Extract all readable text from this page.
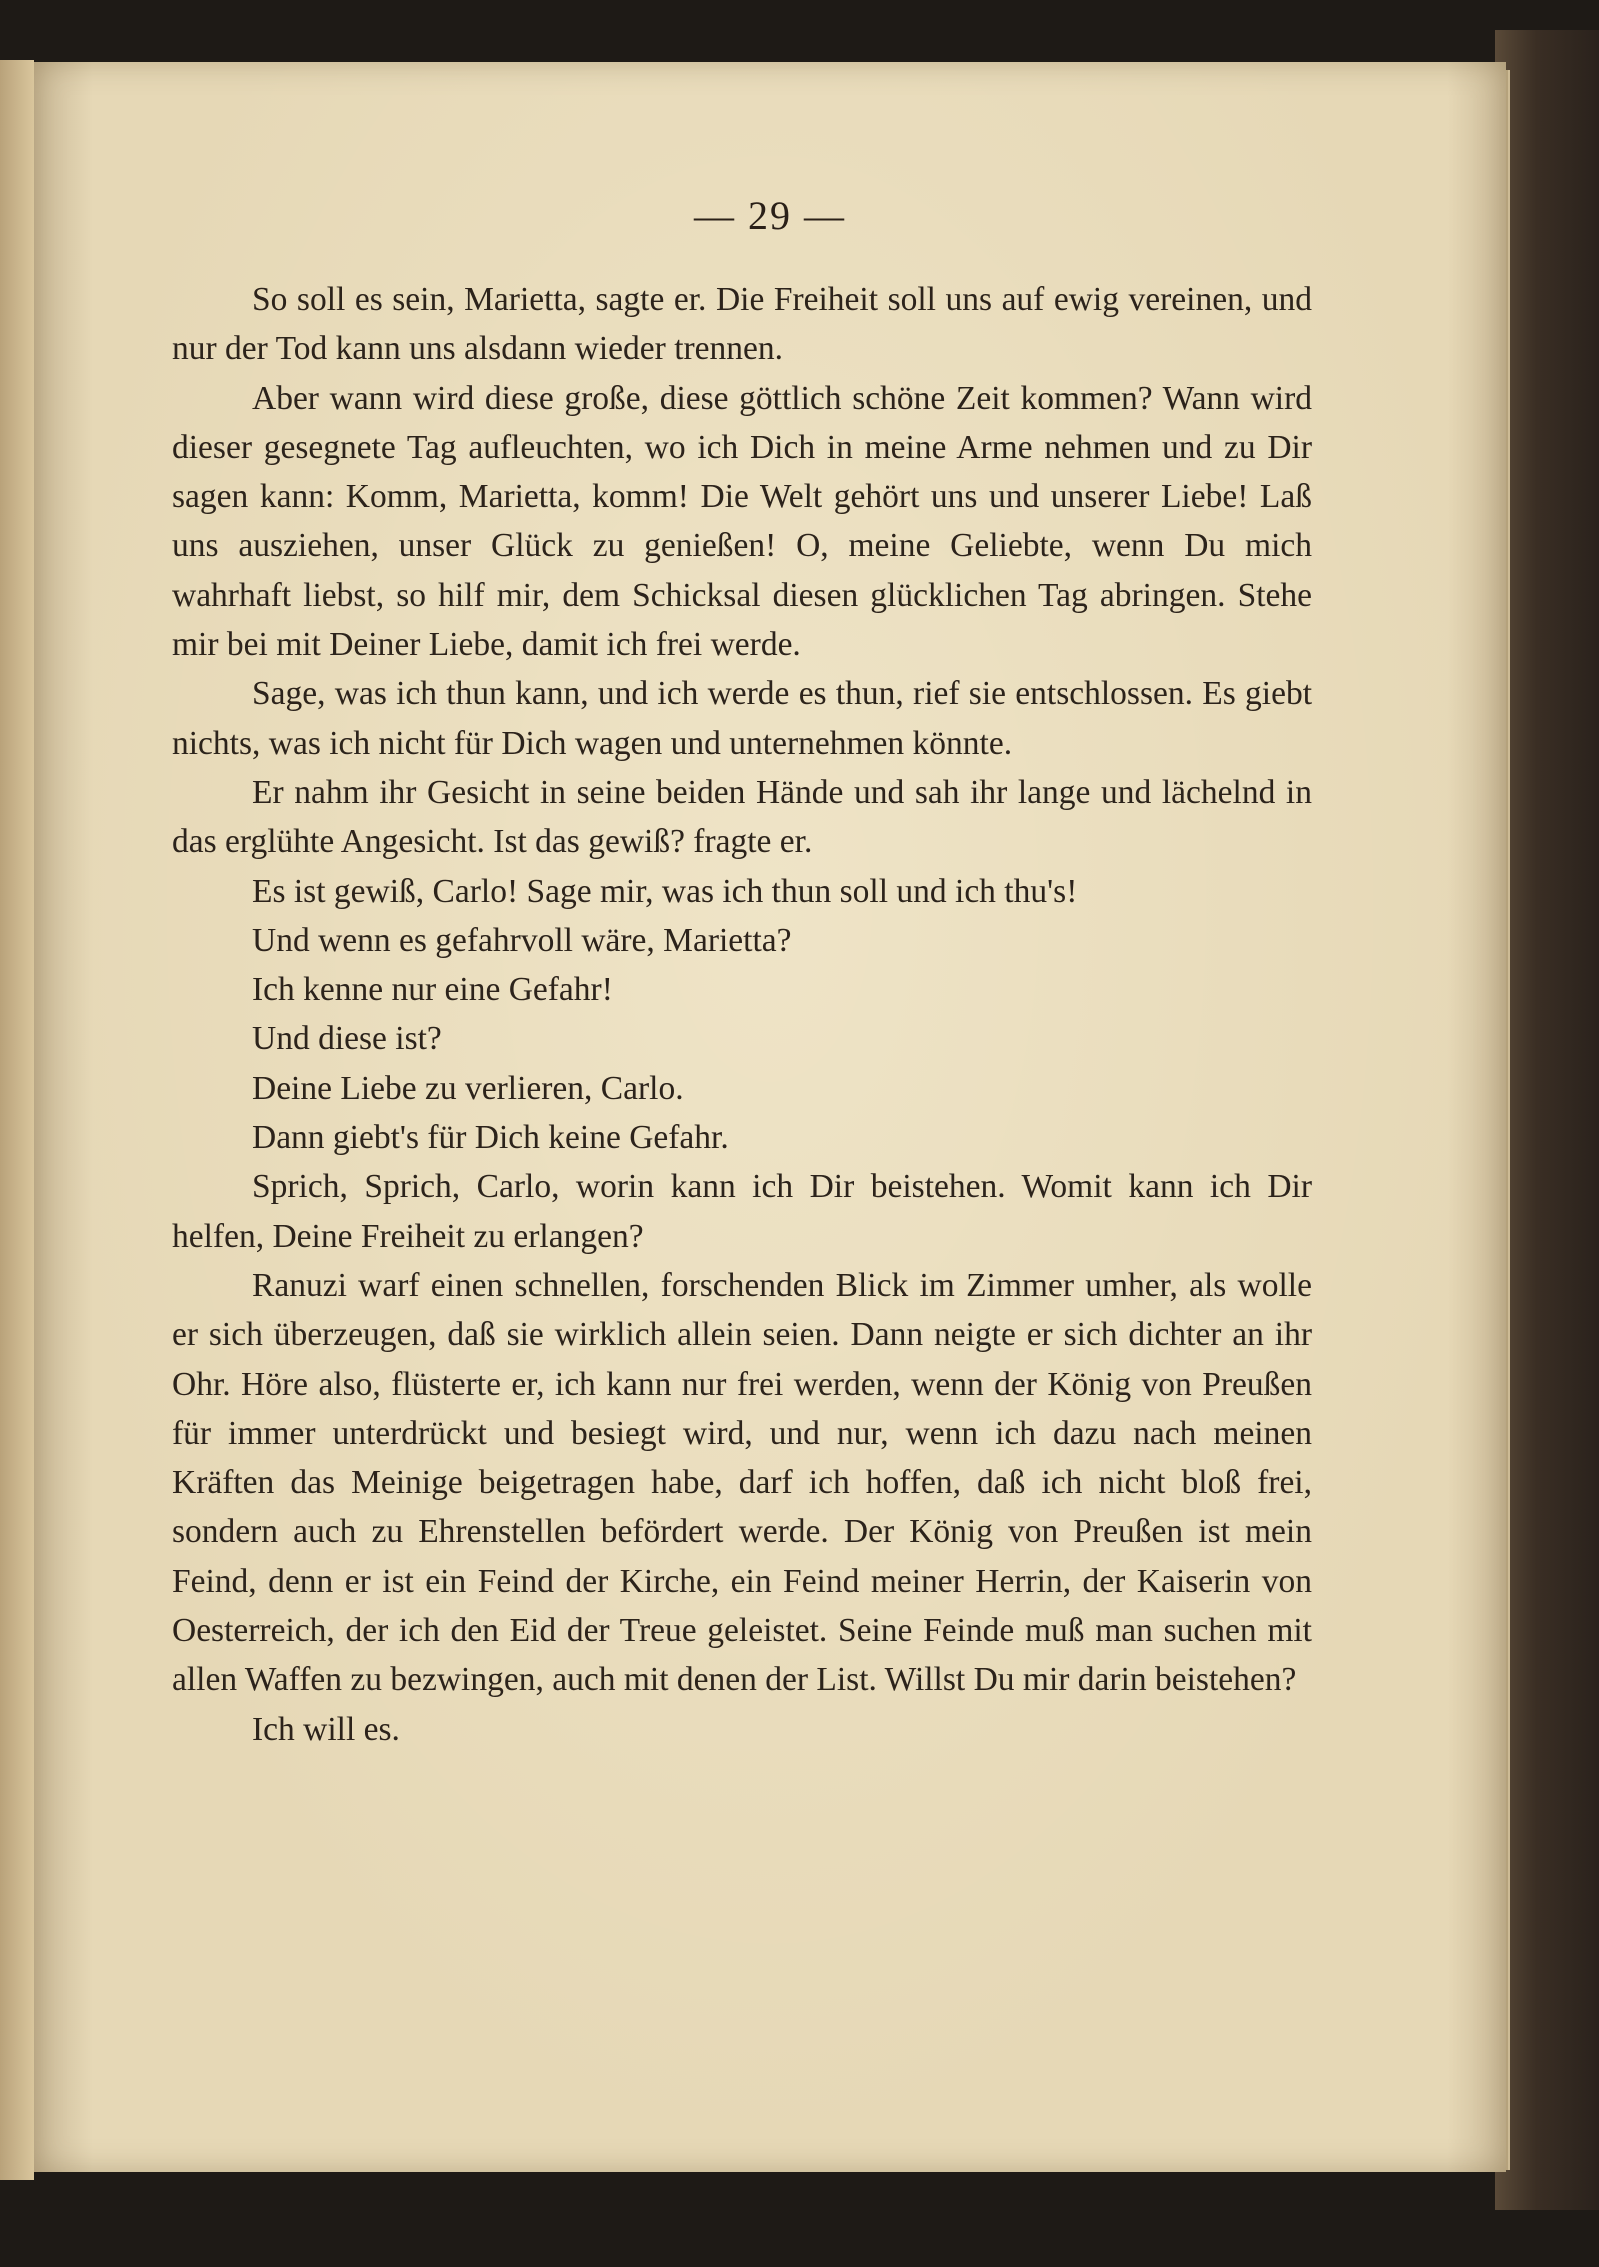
— 29 —

So soll es sein, Marietta, sagte er. Die Freiheit soll uns auf ewig vereinen, und nur der Tod kann uns alsdann wieder trennen.

Aber wann wird diese große, diese göttlich schöne Zeit kommen? Wann wird dieser gesegnete Tag aufleuchten, wo ich Dich in meine Arme nehmen und zu Dir sagen kann: Komm, Marietta, komm! Die Welt gehört uns und unserer Liebe! Laß uns ausziehen, unser Glück zu genießen! O, meine Geliebte, wenn Du mich wahrhaft liebst, so hilf mir, dem Schicksal diesen glücklichen Tag abringen. Stehe mir bei mit Deiner Liebe, damit ich frei werde.

Sage, was ich thun kann, und ich werde es thun, rief sie entschlossen. Es giebt nichts, was ich nicht für Dich wagen und unternehmen könnte.

Er nahm ihr Gesicht in seine beiden Hände und sah ihr lange und lächelnd in das erglühte Angesicht. Ist das gewiß? fragte er.

Es ist gewiß, Carlo! Sage mir, was ich thun soll und ich thu's!

Und wenn es gefahrvoll wäre, Marietta?

Ich kenne nur eine Gefahr!

Und diese ist?

Deine Liebe zu verlieren, Carlo.

Dann giebt's für Dich keine Gefahr.

Sprich, Sprich, Carlo, worin kann ich Dir beistehen. Womit kann ich Dir helfen, Deine Freiheit zu erlangen?

Ranuzi warf einen schnellen, forschenden Blick im Zimmer umher, als wolle er sich überzeugen, daß sie wirklich allein seien. Dann neigte er sich dichter an ihr Ohr. Höre also, flüsterte er, ich kann nur frei werden, wenn der König von Preußen für immer unterdrückt und besiegt wird, und nur, wenn ich dazu nach meinen Kräften das Meinige beigetragen habe, darf ich hoffen, daß ich nicht bloß frei, sondern auch zu Ehrenstellen befördert werde. Der König von Preußen ist mein Feind, denn er ist ein Feind der Kirche, ein Feind meiner Herrin, der Kaiserin von Oesterreich, der ich den Eid der Treue geleistet. Seine Feinde muß man suchen mit allen Waffen zu bezwingen, auch mit denen der List. Willst Du mir darin beistehen?

Ich will es.
